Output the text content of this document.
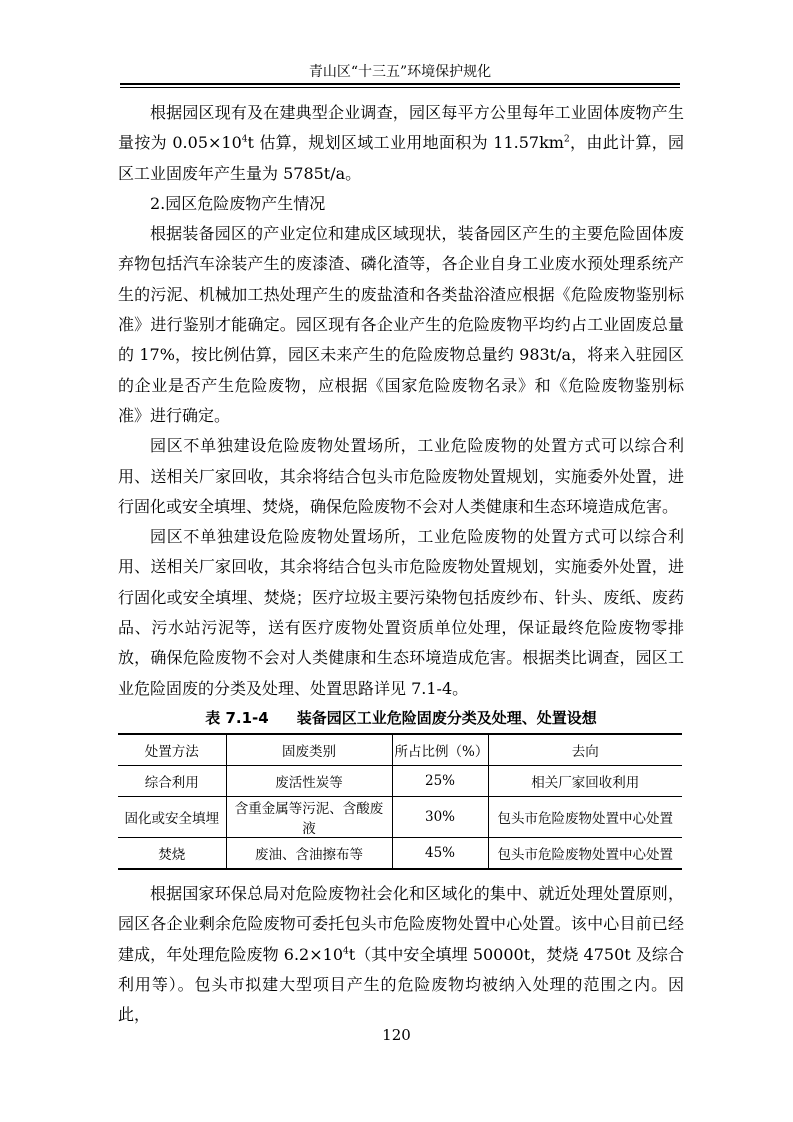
青山区“十三五”环境保护规化

根据园区现有及在建典型企业调查，园区每平方公里每年工业固体废物产生量按为 $0.05\times 10^4t$ 估算，规划区域工业用地面积为 $11.57km^2$，由此计算，园区工业固废年产生量为 5785t/a。

2.园区危险废物产生情况

根据装备园区的产业定位和建成区域现状，装备园区产生的主要危险固体废弃物包括汽车涂装产生的废漆渣、磷化渣等，各企业自身工业废水预处理系统产生的污泥、机械加工热处理产生的废盐渣和各类盐浴渣应根据《危险废物鉴别标准》进行鉴别才能确定。园区现有各企业产生的危险废物平均约占工业固废总量的 17%，按比例估算，园区未来产生的危险废物总量约 983t/a，将来入驻园区的企业是否产生危险废物，应根据《国家危险废物名录》和《危险废物鉴别标准》进行确定。

园区不单独建设危险废物处置场所，工业危险废物的处置方式可以综合利用、送相关厂家回收，其余将结合包头市危险废物处置规划，实施委外处置，进行固化或安全填埋、焚烧，确保危险废物不会对人类健康和生态环境造成危害。

园区不单独建设危险废物处置场所，工业危险废物的处置方式可以综合利用、送相关厂家回收，其余将结合包头市危险废物处置规划，实施委外处置，进行固化或安全填埋、焚烧；医疗垃圾主要污染物包括废纱布、针头、废纸、废药品、污水站污泥等，送有医疗废物处置资质单位处理，保证最终危险废物零排放，确保危险废物不会对人类健康和生态环境造成危害。根据类比调查，园区工业危险固废的分类及处理、处置思路详见 7.1-4。

表 7.1-4 装备园区工业危险固废分类及处理、处置设想
处置方法	固废类别	所占比例（%）	去向
综合利用	废活性炭等	25%	相关厂家回收利用
固化或安全填埋	含重金属等污泥、含酸废液	30%	包头市危险废物处置中心处置
焚烧	废油、含油擦布等	45%	包头市危险废物处置中心处置

根据国家环保总局对危险废物社会化和区域化的集中、就近处理处置原则，园区各企业剩余危险废物可委托包头市危险废物处置中心处置。该中心目前已经建成，年处理危险废物 $6.2\times 10^4t$（其中安全填埋 50000t，焚烧 4750t 及综合利用等）。包头市拟建大型项目产生的危险废物均被纳入处理的范围之内。因此，

120
